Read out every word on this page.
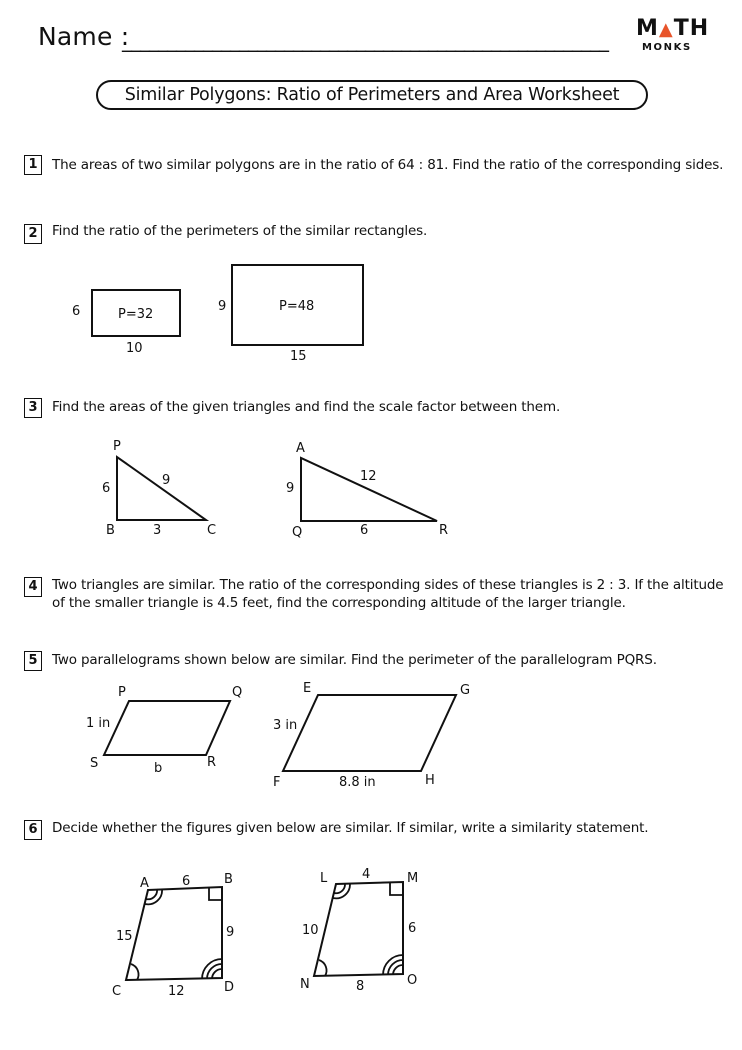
Name :
______________________________________________________ M▲TH
MONKS
Similar Polygons: Ratio of Perimeters and Area Worksheet
1	The areas of two similar polygons are in the ratio of 64 : 81. Find the ratio of the corresponding sides.
2	Find the ratio of the perimeters of the similar rectangles.
P=32
6
10
P=48
9
15
3	Find the areas of the given triangles and find the scale factor between them.
P
B	C
6
9
3
A
Q	R
9
12
6
4	Two triangles are similar. The ratio of the corresponding sides of these triangles is 2 : 3. If the altitude
of the smaller triangle is 4.5 feet, find the corresponding altitude of the larger triangle.
5	Two parallelograms shown below are similar. Find the perimeter of the parallelogram PQRS.
P	Q
S	R
1 in
b
E	G
F	H
3 in
8.8 in
6	Decide whether the figures given below are similar. If similar, write a similarity statement.
A	B
C	D
6
15	9
12
L	M
N	O
4
10	6
8
